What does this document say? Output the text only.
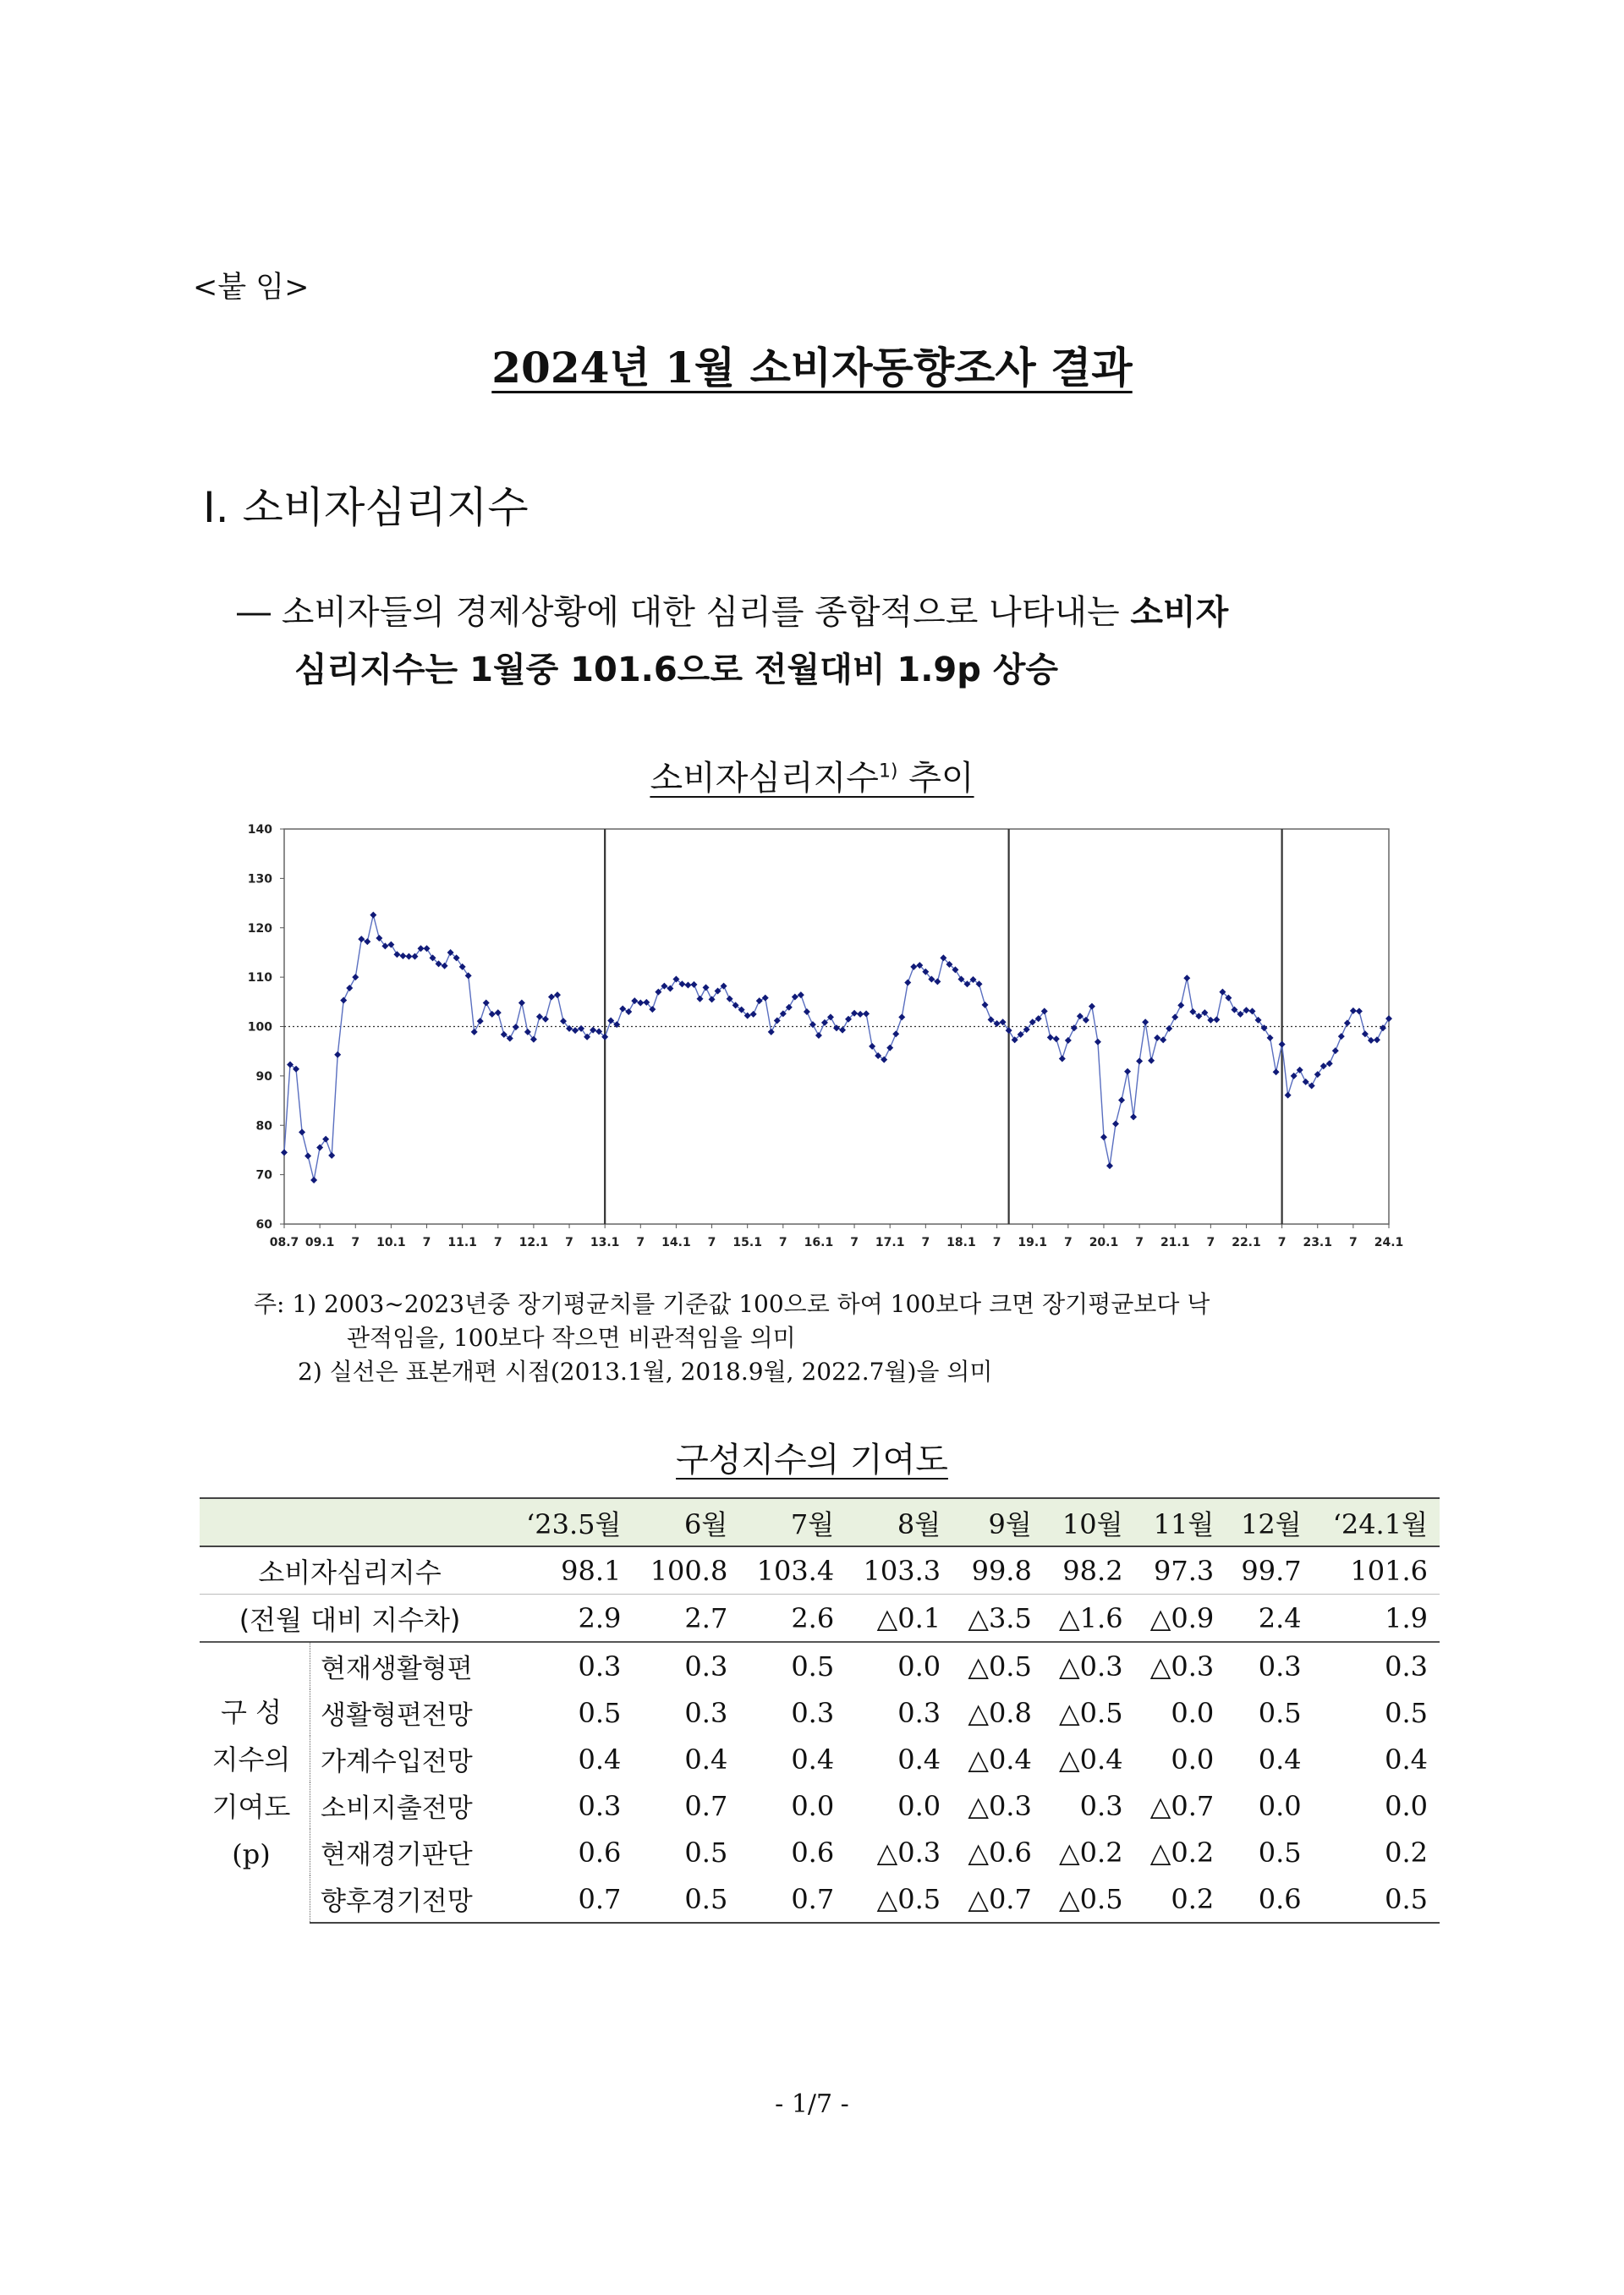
<붙 임>
2024년 1월 소비자동향조사 결과
Ⅰ. 소비자심리지수
― 소비자들의 경제상황에 대한 심리를 종합적으로 나타내는 소비자
심리지수는 1월중 101.6으로 전월대비 1.9p 상승
소비자심리지수$^{1)}$ 추이
60
70
80
90
100
110
120
130
140
08.7 09.1 7 10.1 7 11.1 7 12.1 7 13.1 7 14.1 7 15.1 7 16.1 7 17.1 7 18.1 7 19.1 7 20.1 7 21.1 7 22.1 7 23.1 7 24.1
주: 1) 2003∼2023년중 장기평균치를 기준값 100으로 하여 100보다 크면 장기평균보다 낙
관적임을, 100보다 작으면 비관적임을 의미
2) 실선은 표본개편 시점(2013.1월, 2018.9월, 2022.7월)을 의미
구성지수의 기여도
		‘23.5월	6월	7월	8월	9월	10월	11월	12월	‘24.1월
소비자심리지수		98.1	100.8	103.4	103.3	99.8	98.2	97.3	99.7	101.6
(전월 대비 지수차)		2.9	2.7	2.6	△0.1	△3.5	△1.6	△0.9	2.4	1.9

구 성
지수의
기여도
(p)	현재생활형편	0.3	0.3	0.5	0.0	△0.5	△0.3	△0.3	0.3	0.3
	생활형편전망	0.5	0.3	0.3	0.3	△0.8	△0.5	0.0	0.5	0.5
	가계수입전망	0.4	0.4	0.4	0.4	△0.4	△0.4	0.0	0.4	0.4
	소비지출전망	0.3	0.7	0.0	0.0	△0.3	0.3	△0.7	0.0	0.0
	현재경기판단	0.6	0.5	0.6	△0.3	△0.6	△0.2	△0.2	0.5	0.2
	향후경기전망	0.7	0.5	0.7	△0.5	△0.7	△0.5	0.2	0.6	0.5
- 1/7 -
